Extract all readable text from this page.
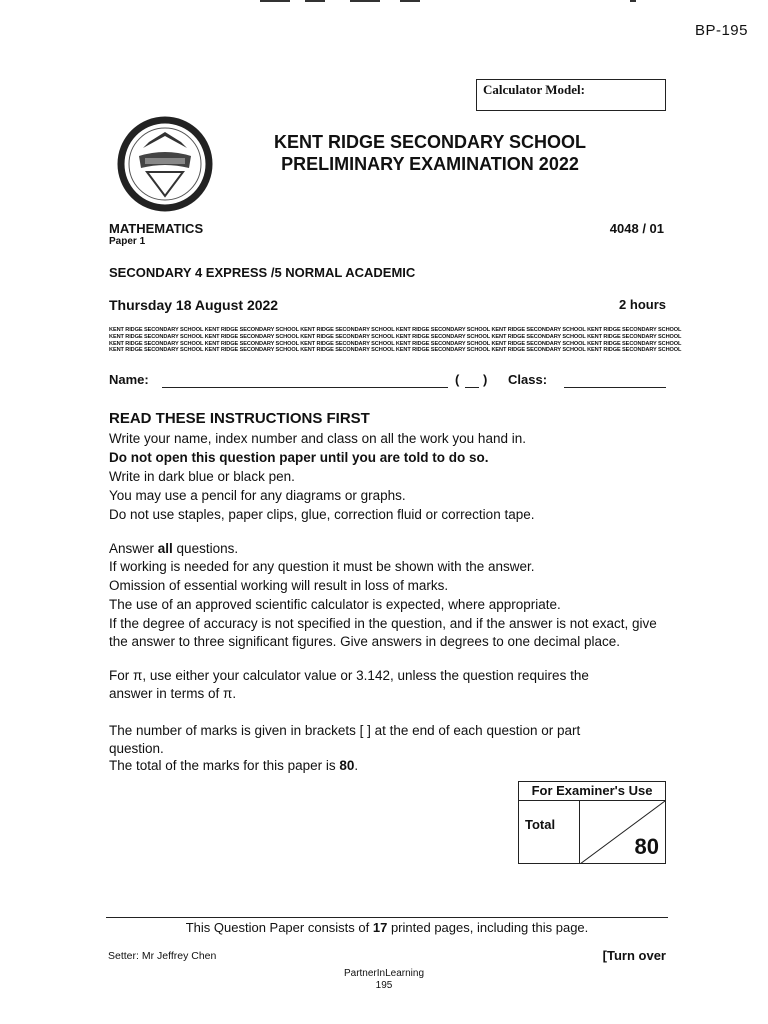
BP-195
Calculator Model:
KENT RIDGE SECONDARY SCHOOL
PRELIMINARY EXAMINATION 2022
MATHEMATICS
Paper 1
4048 / 01
SECONDARY 4 EXPRESS /5 NORMAL ACADEMIC
Thursday 18 August 2022	2 hours
KENT RIDGE SECONDARY SCHOOL KENT RIDGE SECONDARY SCHOOL KENT RIDGE SECONDARY SCHOOL KENT RIDGE SECONDARY SCHOOL KENT RIDGE SECONDARY SCHOOL KENT RIDGE SECONDARY SCHOOL
KENT RIDGE SECONDARY SCHOOL KENT RIDGE SECONDARY SCHOOL KENT RIDGE SECONDARY SCHOOL KENT RIDGE SECONDARY SCHOOL KENT RIDGE SECONDARY SCHOOL KENT RIDGE SECONDARY SCHOOL
KENT RIDGE SECONDARY SCHOOL KENT RIDGE SECONDARY SCHOOL KENT RIDGE SECONDARY SCHOOL KENT RIDGE SECONDARY SCHOOL KENT RIDGE SECONDARY SCHOOL KENT RIDGE SECONDARY SCHOOL
KENT RIDGE SECONDARY SCHOOL KENT RIDGE SECONDARY SCHOOL KENT RIDGE SECONDARY SCHOOL KENT RIDGE SECONDARY SCHOOL KENT RIDGE SECONDARY SCHOOL KENT RIDGE SECONDARY SCHOOL
Name:	( ) Class:
READ THESE INSTRUCTIONS FIRST
Write your name, index number and class on all the work you hand in.
Do not open this question paper until you are told to do so.
Write in dark blue or black pen.
You may use a pencil for any diagrams or graphs.
Do not use staples, paper clips, glue, correction fluid or correction tape.
Answer all questions.
If working is needed for any question it must be shown with the answer.
Omission of essential working will result in loss of marks.
The use of an approved scientific calculator is expected, where appropriate.
If the degree of accuracy is not specified in the question, and if the answer is not exact, give the answer to three significant figures. Give answers in degrees to one decimal place.
For π, use either your calculator value or 3.142, unless the question requires the answer in terms of π.
The number of marks is given in brackets [ ] at the end of each question or part question.
The total of the marks for this paper is 80.
For Examiner's Use
Total
80
This Question Paper consists of 17 printed pages, including this page.
Setter: Mr Jeffrey Chen	[Turn over
PartnerInLearning
195
